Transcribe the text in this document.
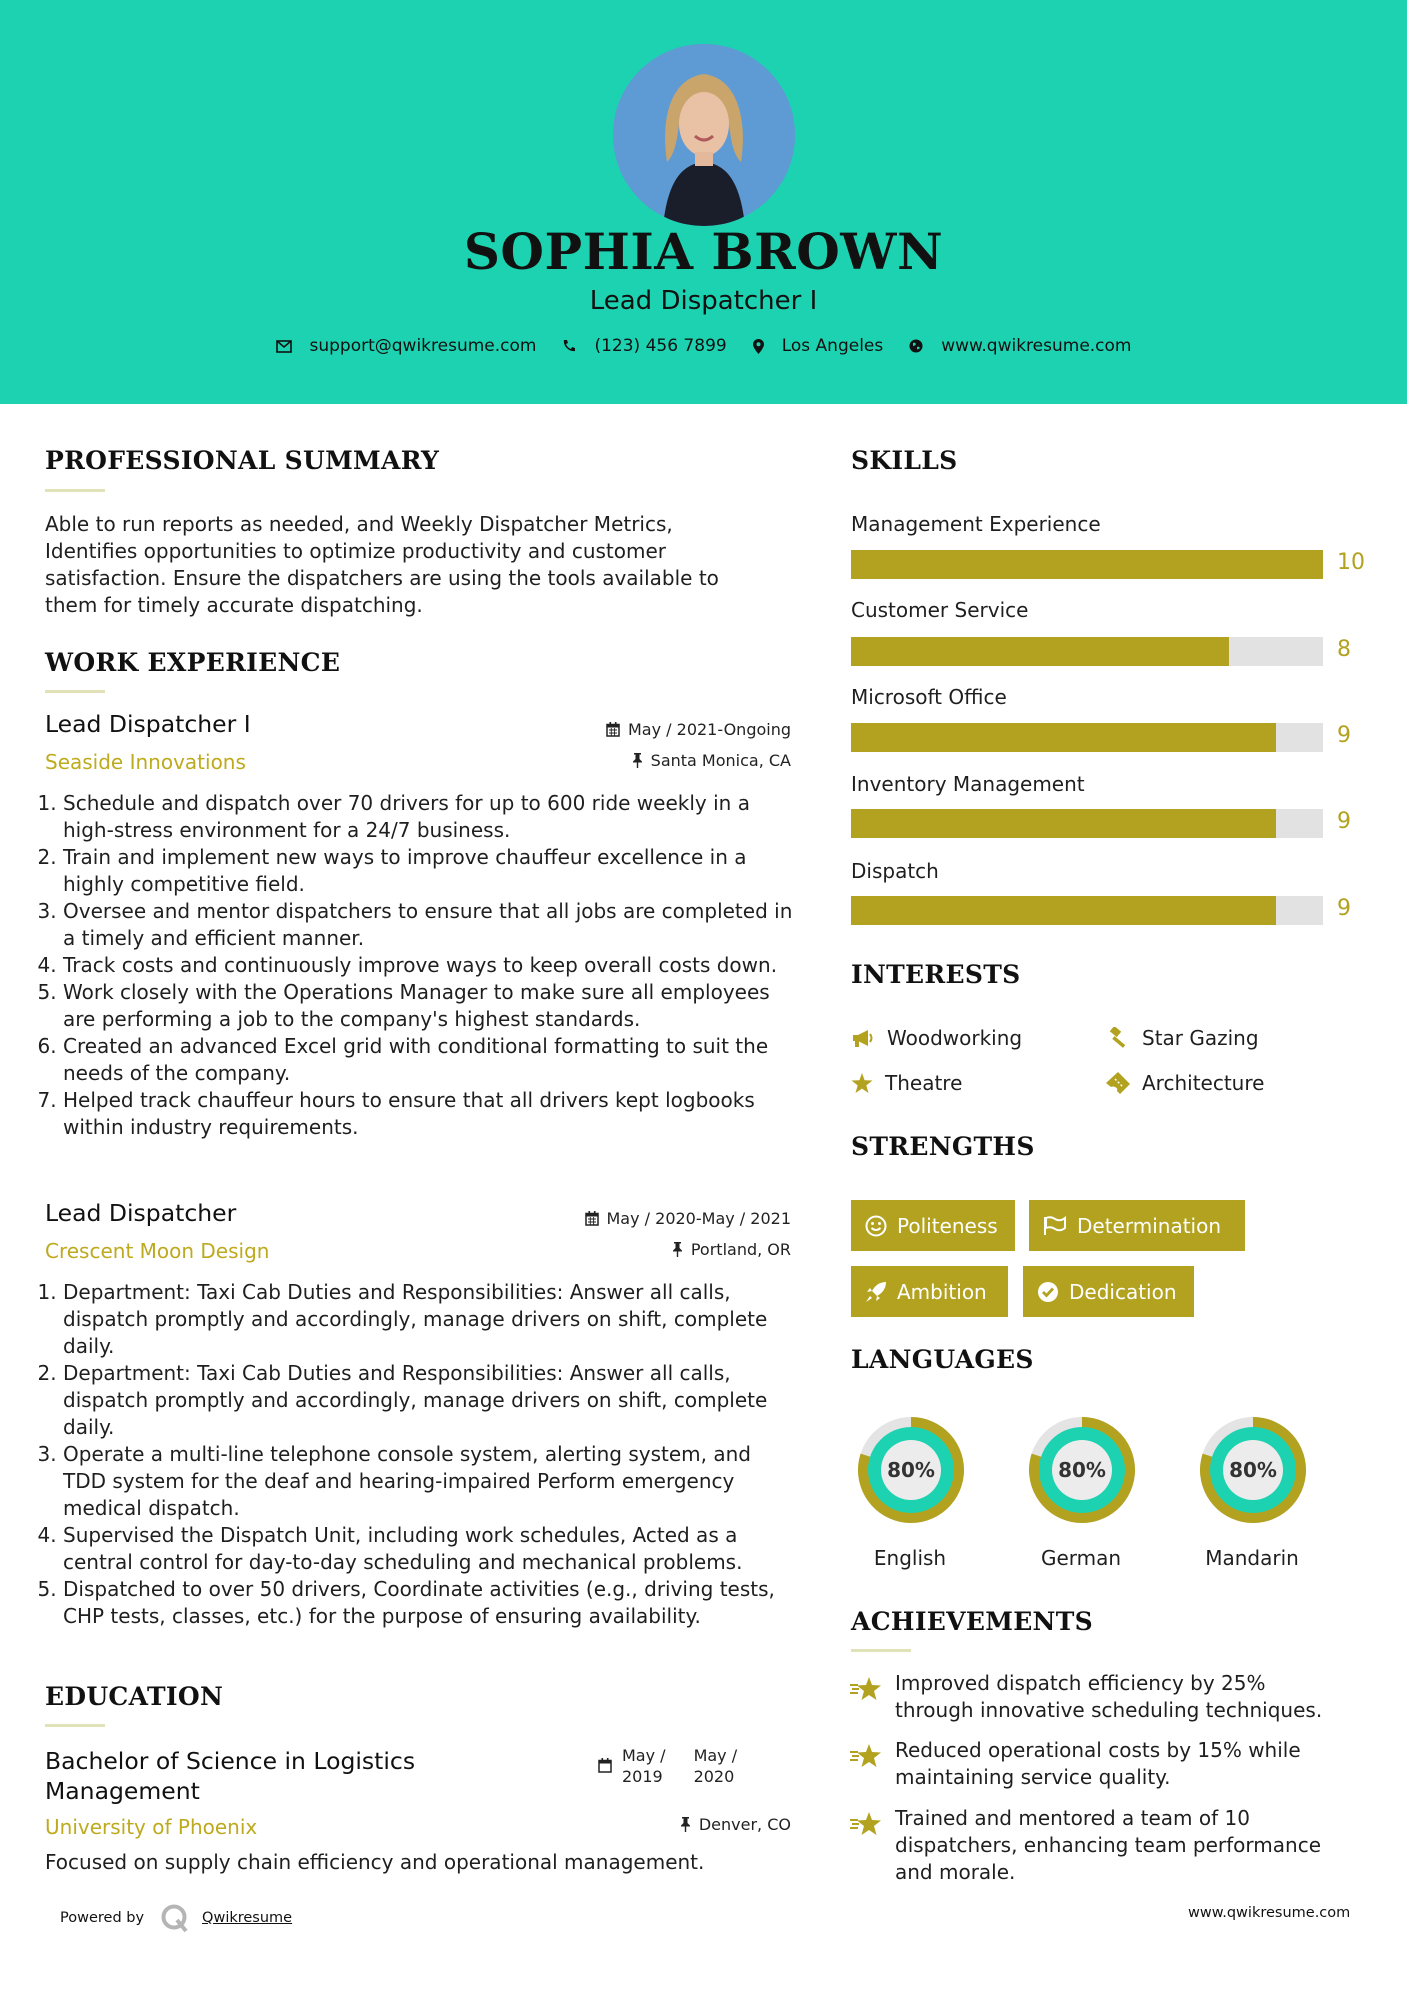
SOPHIA BROWN
Lead Dispatcher I
support@qwikresume.com	(123) 456 7899	Los Angeles	www.qwikresume.com
PROFESSIONAL SUMMARY
Able to run reports as needed, and Weekly Dispatcher Metrics,
Identifies opportunities to optimize productivity and customer
satisfaction. Ensure the dispatchers are using the tools available to
them for timely accurate dispatching.
WORK EXPERIENCE
Lead Dispatcher I
Seaside Innovations
May / 2021-Ongoing
Santa Monica, CA
1. Schedule and dispatch over 70 drivers for up to 600 ride weekly in a high-stress environment for a 24/7 business.
2. Train and implement new ways to improve chauffeur excellence in a highly competitive field.
3. Oversee and mentor dispatchers to ensure that all jobs are completed in a timely and efficient manner.
4. Track costs and continuously improve ways to keep overall costs down.
5. Work closely with the Operations Manager to make sure all employees are performing a job to the company's highest standards.
6. Created an advanced Excel grid with conditional formatting to suit the needs of the company.
7. Helped track chauffeur hours to ensure that all drivers kept logbooks within industry requirements.
Lead Dispatcher
Crescent Moon Design
May / 2020-May / 2021
Portland, OR
1. Department: Taxi Cab Duties and Responsibilities: Answer all calls, dispatch promptly and accordingly, manage drivers on shift, complete daily.
2. Department: Taxi Cab Duties and Responsibilities: Answer all calls, dispatch promptly and accordingly, manage drivers on shift, complete daily.
3. Operate a multi-line telephone console system, alerting system, and TDD system for the deaf and hearing-impaired Perform emergency medical dispatch.
4. Supervised the Dispatch Unit, including work schedules, Acted as a central control for day-to-day scheduling and mechanical problems.
5. Dispatched to over 50 drivers, Coordinate activities (e.g., driving tests, CHP tests, classes, etc.) for the purpose of ensuring availability.
EDUCATION
Bachelor of Science in Logistics
Management
University of Phoenix
May /
2019
May /
2020
Denver, CO
Focused on supply chain efficiency and operational management.
SKILLS
Management Experience
10
Customer Service
8
Microsoft Office
9
Inventory Management
9
Dispatch
9
INTERESTS
Woodworking	Star Gazing
Theatre	Architecture
STRENGTHS
Politeness	Determination
Ambition	Dedication
LANGUAGES
80%	80%	80%
English	German	Mandarin
ACHIEVEMENTS
Improved dispatch efficiency by 25%
through innovative scheduling techniques.
Reduced operational costs by 15% while
maintaining service quality.
Trained and mentored a team of 10
dispatchers, enhancing team performance
and morale.
Powered by	Qwikresume	www.qwikresume.com
